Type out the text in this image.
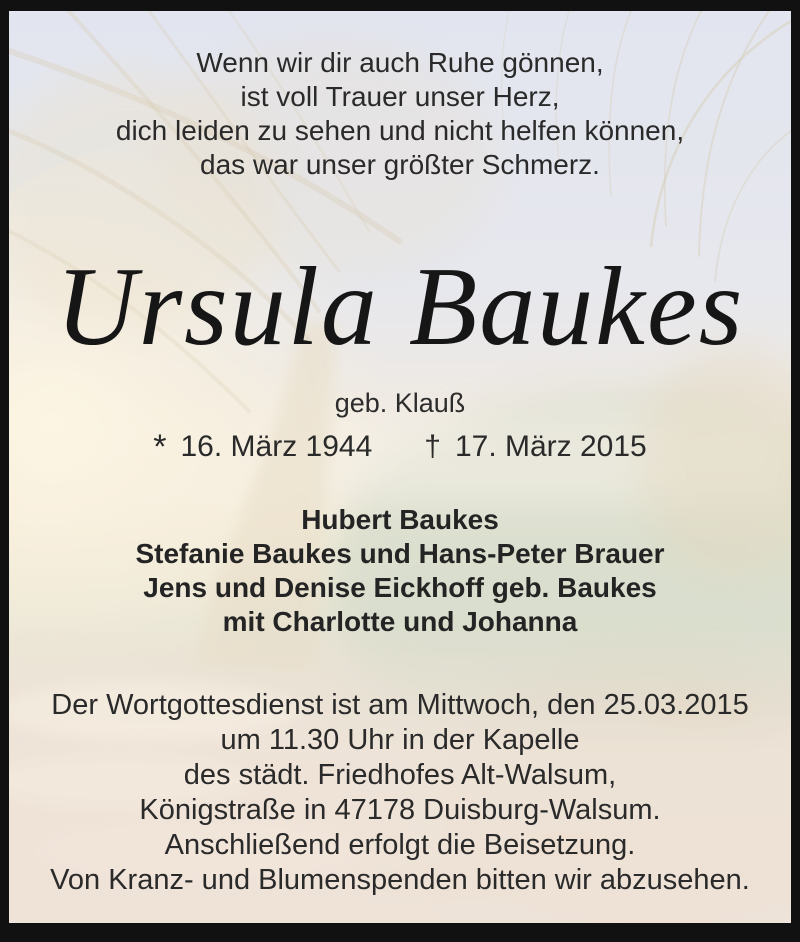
Wenn wir dir auch Ruhe gönnen,
ist voll Trauer unser Herz,
dich leiden zu sehen und nicht helfen können,
das war unser größter Schmerz.
Ursula Baukes
geb. Klauß
* 16. März 1944 † 17. März 2015
Hubert Baukes
Stefanie Baukes und Hans-Peter Brauer
Jens und Denise Eickhoff geb. Baukes
mit Charlotte und Johanna
Der Wortgottesdienst ist am Mittwoch, den 25.03.2015
um 11.30 Uhr in der Kapelle
des städt. Friedhofes Alt-Walsum,
Königstraße in 47178 Duisburg-Walsum.
Anschließend erfolgt die Beisetzung.
Von Kranz- und Blumenspenden bitten wir abzusehen.
